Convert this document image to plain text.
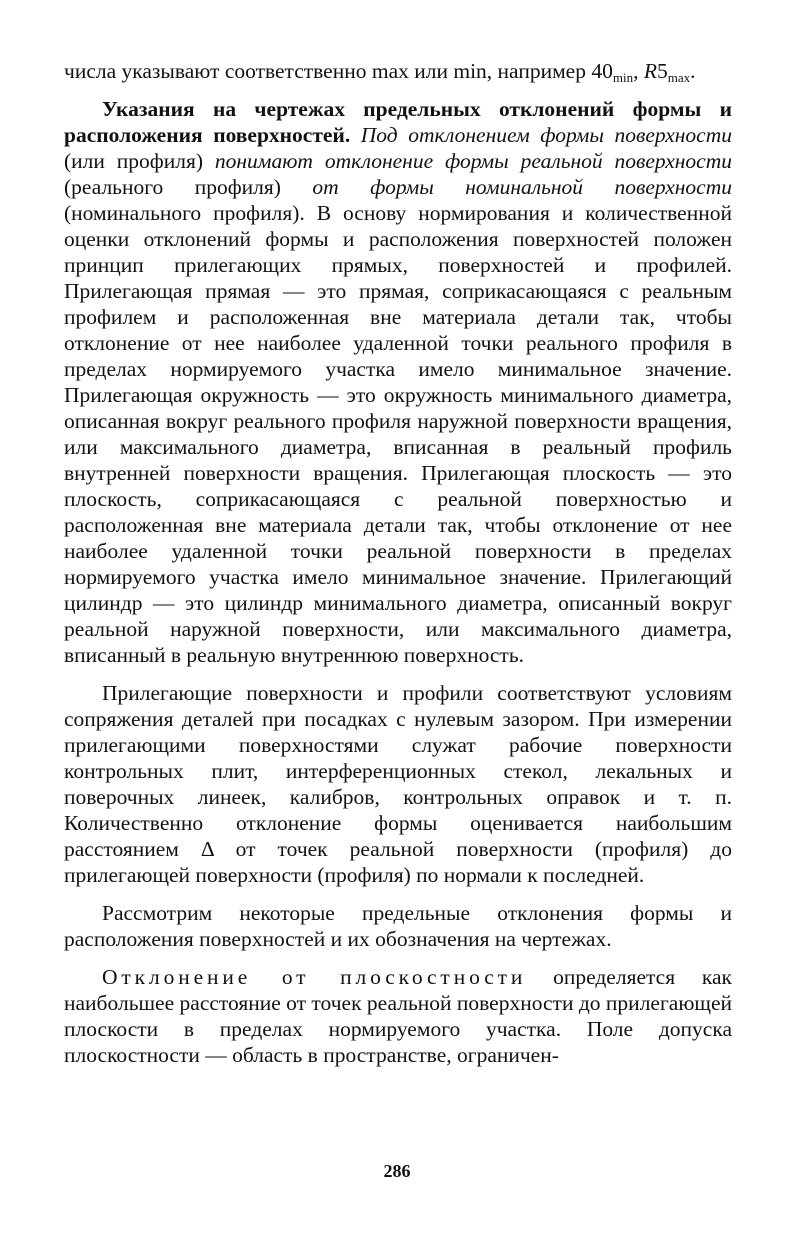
числа указывают соответственно max или min, например $40_{min}$, $R5_{max}$.

Указания на чертежах предельных отклонений формы и расположения поверхностей. Под отклонением формы поверхности (или профиля) понимают отклонение формы реальной поверхности (реального профиля) от формы номинальной поверхности (номинального профиля). В основу нормирования и количественной оценки отклонений формы и расположения поверхностей положен принцип прилегающих прямых, поверхностей и профилей. Прилегающая прямая — это прямая, соприкасающаяся с реальным профилем и расположенная вне материала детали так, чтобы отклонение от нее наиболее удаленной точки реального профиля в пределах нормируемого участка имело минимальное значение. Прилегающая окружность — это окружность минимального диаметра, описанная вокруг реального профиля наружной поверхности вращения, или максимального диаметра, вписанная в реальный профиль внутренней поверхности вращения. Прилегающая плоскость — это плоскость, соприкасающаяся с реальной поверхностью и расположенная вне материала детали так, чтобы отклонение от нее наиболее удаленной точки реальной поверхности в пределах нормируемого участка имело минимальное значение. Прилегающий цилиндр — это цилиндр минимального диаметра, описанный вокруг реальной наружной поверхности, или максимального диаметра, вписанный в реальную внутреннюю поверхность.

Прилегающие поверхности и профили соответствуют условиям сопряжения деталей при посадках с нулевым зазором. При измерении прилегающими поверхностями служат рабочие поверхности контрольных плит, интерференционных стекол, лекальных и поверочных линеек, калибров, контрольных оправок и т. п. Количественно отклонение формы оценивается наибольшим расстоянием Δ от точек реальной поверхности (профиля) до прилегающей поверхности (профиля) по нормали к последней.

Рассмотрим некоторые предельные отклонения формы и расположения поверхностей и их обозначения на чертежах.

Отклонение от плоскостности определяется как наибольшее расстояние от точек реальной поверхности до прилегающей плоскости в пределах нормируемого участка. Поле допуска плоскостности — область в пространстве, ограничен-

286
